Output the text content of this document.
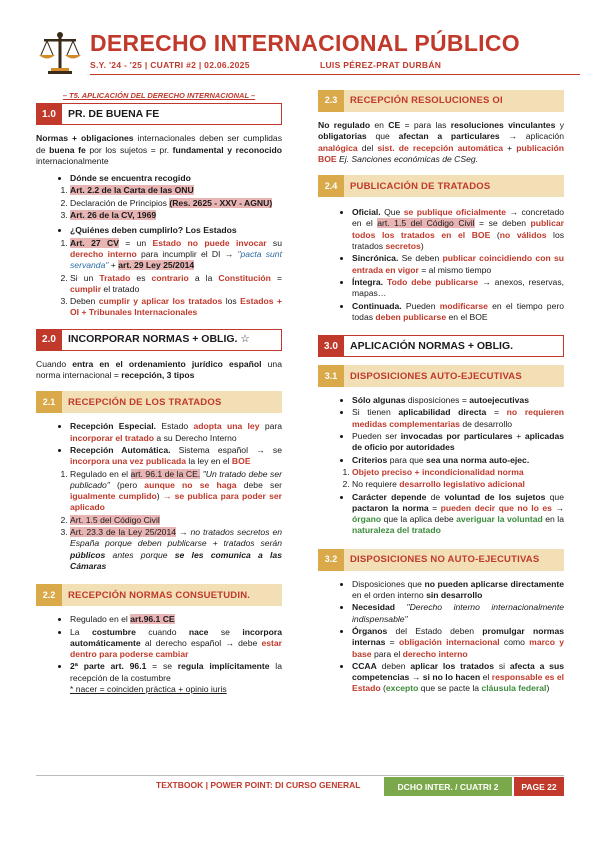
DERECHO INTERNACIONAL PÚBLICO
S.Y. '24 - '25 | CUATRI #2 | 02.06.2025	LUIS PÉREZ-PRAT DURBÁN
– T5. APLICACIÓN DEL DERECHO INTERNACIONAL –
1.0	PR. DE BUENA FE

Normas + obligaciones internacionales deben ser cumplidas de buena fe por los sujetos = pr. fundamental y reconocido internacionalmente

• Dónde se encuentra recogido
1. Art. 2.2 de la Carta de las ONU
2. Declaración de Principios (Res. 2625 - XXV - AGNU)
3. Art. 26 de la CV, 1969
• ¿Quiénes deben cumplirlo? Los Estados
1. Art. 27 CV = un Estado no puede invocar su derecho interno para incumplir el DI → "pacta sunt servanda" + art. 29 Ley 25/2014
2. Si un Tratado es contrario a la Constitución = cumplir el tratado
3. Deben cumplir y aplicar los tratados los Estados + OI + Tribunales Internacionales
2.0	INCORPORAR NORMAS + OBLIG. ☆

Cuando entra en el ordenamiento jurídico español una norma internacional = recepción, 3 tipos

2.1	RECEPCIÓN DE LOS TRATADOS
• Recepción Especial. Estado adopta una ley para incorporar el tratado a su Derecho Interno
• Recepción Automática. Sistema español → se incorpora una vez publicada la ley en el BOE
1. Regulado en el art. 96.1 de la CE. "Un tratado debe ser publicado" (pero aunque no se haga debe ser igualmente cumplido) → se publica para poder ser aplicado
2. Art. 1.5 del Código Civil
3. Art. 23.3 de la Ley 25/2014 → no tratados secretos en España porque deben publicarse + tratados serán públicos antes porque se les comunica a las Cámaras
2.2	RECEPCIÓN NORMAS CONSUETUDIN.
• Regulado en el art.96.1 CE
• La costumbre cuando nace se incorpora automáticamente al derecho español → debe estar dentro para poderse cambiar
• 2ª parte art. 96.1 = se regula implícitamente la recepción de la costumbre
* nacer = coinciden práctica + opinio iuris
2.3	RECEPCIÓN RESOLUCIONES OI

No regulado en CE = para las resoluciones vinculantes y obligatorias que afectan a particulares → aplicación analógica del sist. de recepción automática + publicación BOE Ej. Sanciones económicas de CSeg.

2.4	PUBLICACIÓN DE TRATADOS
• Oficial. Que se publique oficialmente → concretado en el art. 1.5 del Código Civil = se deben publicar todos los tratados en el BOE (no válidos los tratados secretos)
• Sincrónica. Se deben publicar coincidiendo con su entrada en vigor = al mismo tiempo
• Íntegra. Todo debe publicarse → anexos, reservas, mapas…
• Continuada. Pueden modificarse en el tiempo pero todas deben publicarse en el BOE
3.0	APLICACIÓN NORMAS + OBLIG.
3.1	DISPOSICIONES AUTO-EJECUTIVAS
• Sólo algunas disposiciones = autoejecutivas
• Si tienen aplicabilidad directa = no requieren medidas complementarias de desarrollo
• Pueden ser invocadas por particulares + aplicadas de oficio por autoridades
• Criterios para que sea una norma auto-ejec.
1. Objeto preciso + incondicionalidad norma
2. No requiere desarrollo legislativo adicional
• Carácter depende de voluntad de los sujetos que pactaron la norma = pueden decir que no lo es → órgano que la aplica debe averiguar la voluntad en la naturaleza del tratado
3.2	DISPOSICIONES NO AUTO-EJECUTIVAS
• Disposiciones que no pueden aplicarse directamente en el orden interno sin desarrollo
• Necesidad "Derecho interno internacionalmente indispensable"
• Órganos del Estado deben promulgar normas internas = obligación internacional como marco y base para el derecho interno
• CCAA deben aplicar los tratados si afecta a sus competencias → si no lo hacen el responsable es el Estado (excepto que se pacte la cláusula federal)
TEXTBOOK | POWER POINT: DI CURSO GENERAL	DCHO INTER. / CUATRI 2	PAGE 22
